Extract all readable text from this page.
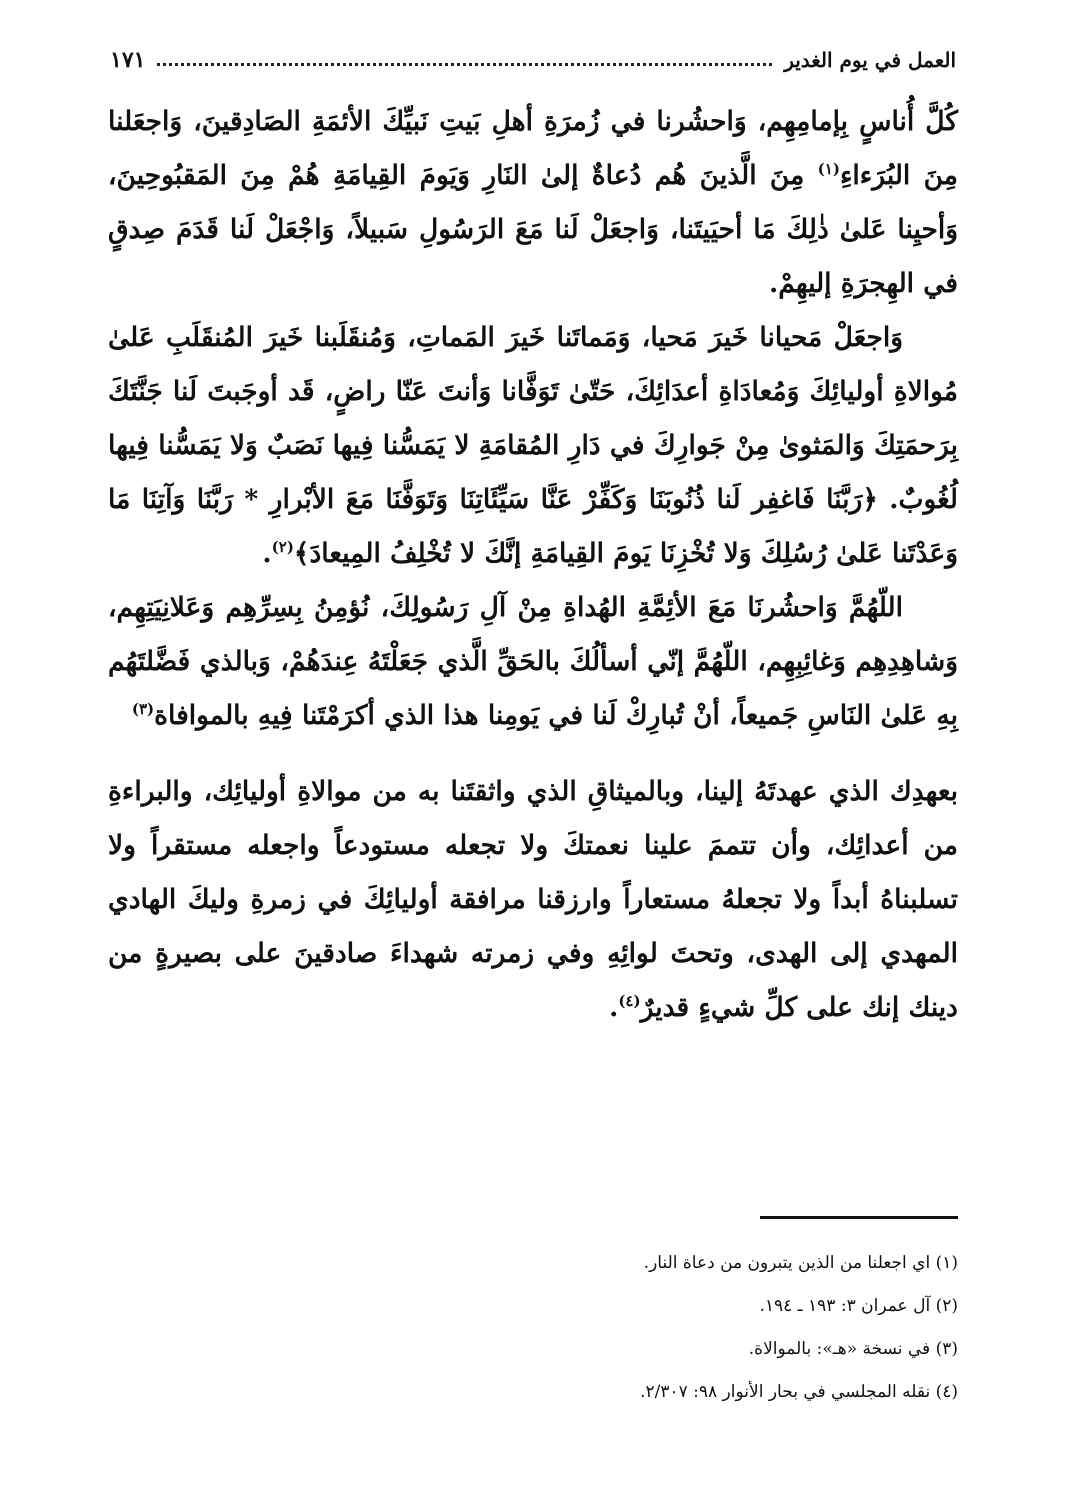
العمل في يوم الغدير
١٧١

كُلَّ أُناسٍ بِإمامِهِم، وَاحشُرنا في زُمرَةِ أهلِ بَيتِ نَبيِّكَ الأئمَةِ الصَادِقينَ، وَاجعَلنا مِنَ البُرَءاءِ$^{(١)}$ مِنَ الَّذينَ هُم دُعاةٌ إلىٰ النَارِ وَيَومَ القِيامَةِ هُمْ مِنَ المَقبُوحِينَ، وَأحيِنا عَلىٰ ذٰلِكَ مَا أحيَيتَنا، وَاجعَلْ لَنا مَعَ الرَسُولِ سَبيلاً، وَاجْعَلْ لَنا قَدَمَ صِدقٍ في الهِجرَةِ إليهِمْ.

وَاجعَلْ مَحيانا خَيرَ مَحيا، وَمَماتَنا خَيرَ المَماتِ، وَمُنقَلَبنا خَيرَ المُنقَلَبِ عَلىٰ مُوالاةِ أوليائِكَ وَمُعادَاةِ أعدَائِكَ، حَتّىٰ تَوَفَّانا وَأنتَ عَنّا راضٍ، قَد أوجَبتَ لَنا جَنَّتَكَ بِرَحمَتِكَ وَالمَثوىٰ مِنْ جَوارِكَ في دَارِ المُقامَةِ لا يَمَسُّنا فِيها نَصَبٌ وَلا يَمَسُّنا فِيها لُغُوبٌ. ﴿رَبَّنَا فَاغفِر لَنا ذُنُوبَنَا وَكَفِّرْ عَنَّا سَيِّئَاتِنَا وَتَوَفَّنَا مَعَ الأبْرارِ * رَبَّنَا وَآتِنَا مَا وَعَدْتَنا عَلىٰ رُسُلِكَ وَلا تُخْزِنَا يَومَ القِيامَةِ إنَّكَ لا تُخْلِفُ المِيعادَ﴾$^{(٢)}$.

اللّهُمَّ وَاحشُرنَا مَعَ الأئِمَّةِ الهُداةِ مِنْ آلِ رَسُولِكَ، نُؤمِنُ بِسِرِّهِم وَعَلانِيَتِهِم، وَشاهِدِهِم وَغائِبِهِم، اللّهُمَّ إنّي أسألُكَ بالحَقِّ الَّذي جَعَلْتَهُ عِندَهُمْ، وَبالذي فَضَّلتَهُم بِهِ عَلىٰ النَاسِ جَميعاً، أنْ تُبارِكْ لَنا في يَومِنا هذا الذي أكرَمْتَنا فِيهِ بالموافاة$^{(٣)}$

بعهدِك الذي عهدتَهُ إلينا، وبالميثاقِ الذي واثقتَنا به من موالاةِ أوليائِك، والبراءةِ من أعدائِك، وأن تتممَ علينا نعمتكَ ولا تجعله مستودعاً واجعله مستقراً ولا تسلبناهُ أبداً ولا تجعلهُ مستعاراً وارزقنا مرافقة أوليائِكَ في زمرةِ وليكَ الهادي المهدي إلى الهدى، وتحتَ لوائِهِ وفي زمرته شهداءَ صادقينَ على بصيرةٍ من دينك إنك على كلِّ شيءٍ قديرٌ$^{(٤)}$.

(١) اي اجعلنا من الذين يتبرون من دعاة النار.
(٢) آل عمران ٣: ١٩٣ ـ ١٩٤.
(٣) في نسخة «هـ»: بالموالاة.
(٤) نقله المجلسي في بحار الأنوار ٩٨: ٢/٣٠٧.
